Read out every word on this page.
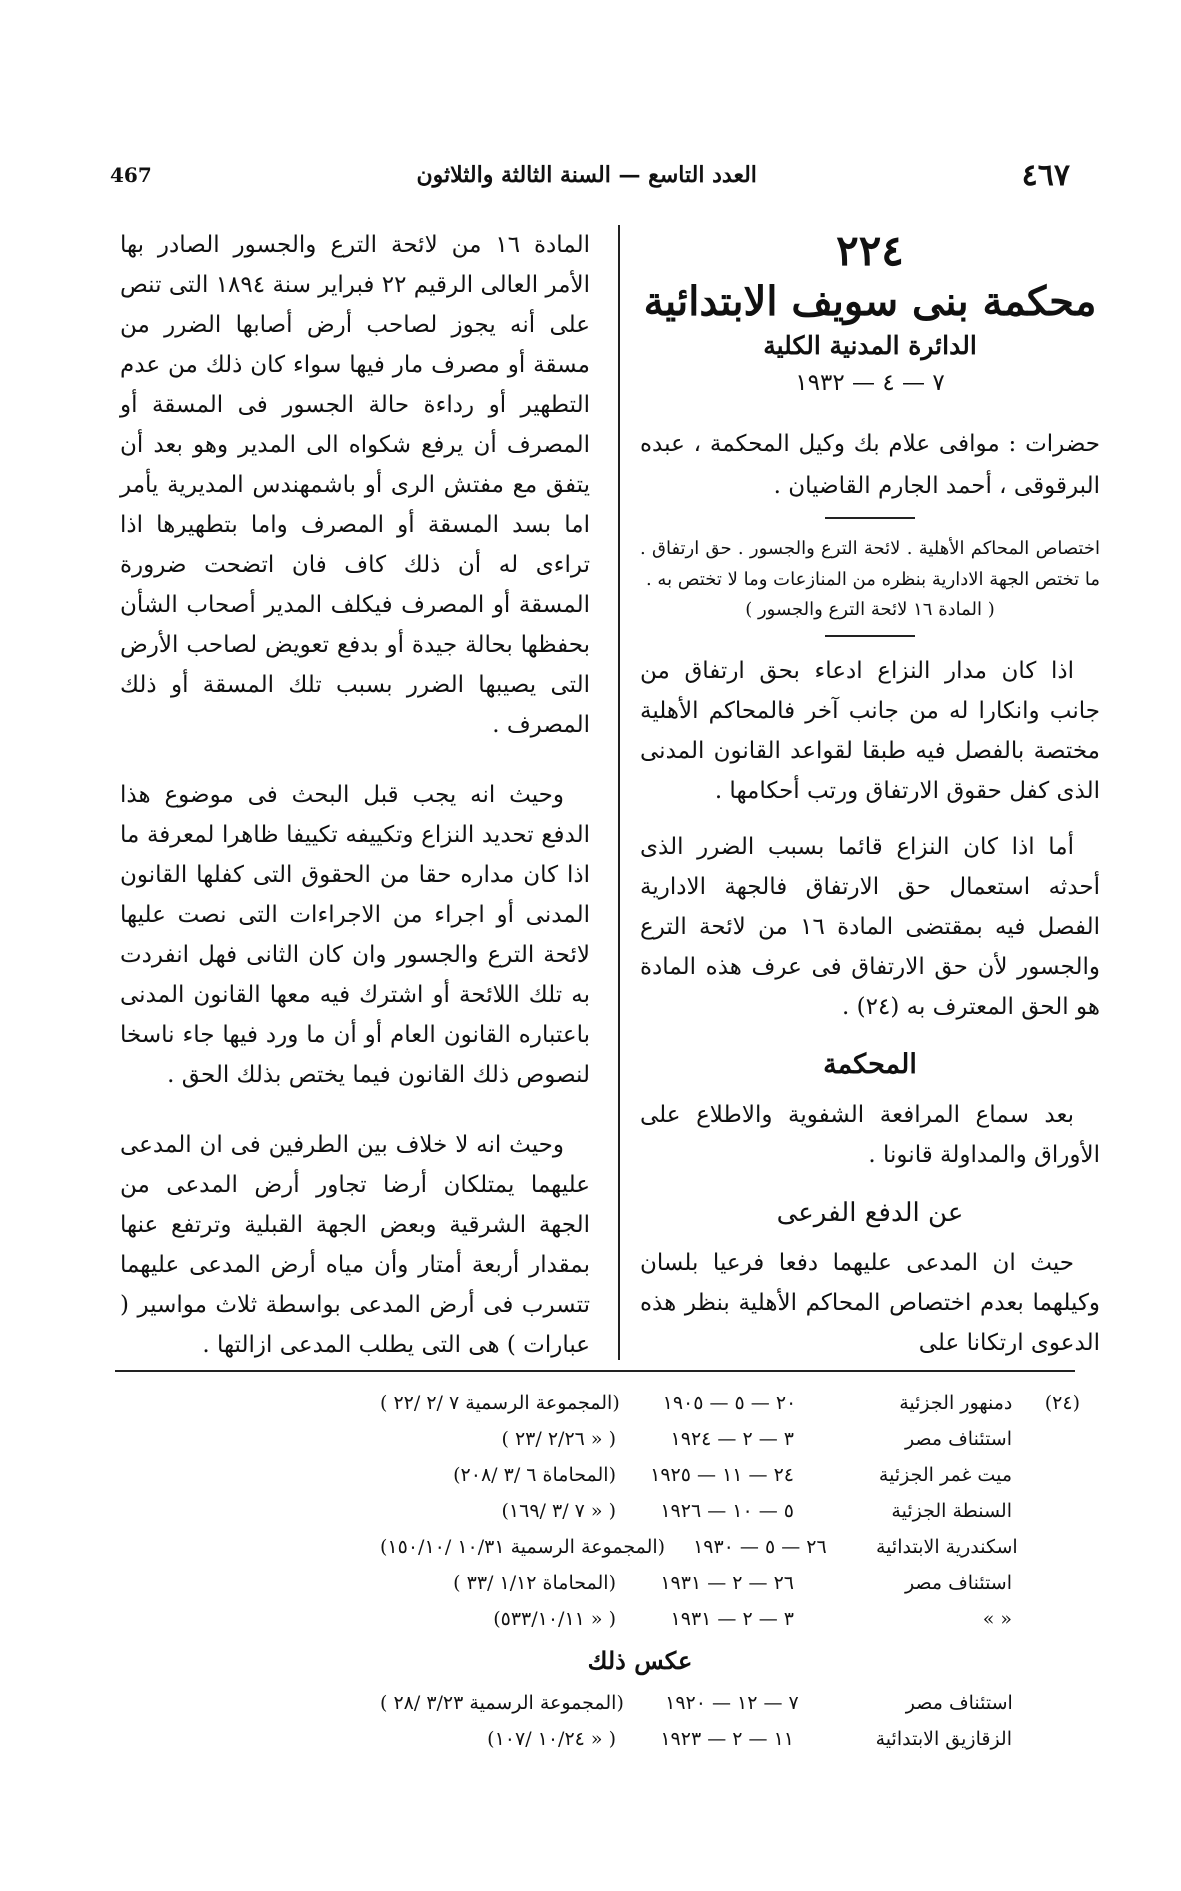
467	العدد التاسع — السنة الثالثة والثلاثون	٤٦٧

٢٢٤

محكمة بنى سويف الابتدائية

الدائرة المدنية الكلية

٧ — ٤ — ١٩٣٢

حضرات : موافى علام بك وكيل المحكمة ، عبده البرقوقى ، أحمد الجارم القاضيان .

اختصاص المحاكم الأهلية . لائحة الترع والجسور . حق ارتفاق . ما تختص الجهة الادارية بنظره من المنازعات وما لا تختص به .

( المادة ١٦ لائحة الترع والجسور )

اذا كان مدار النزاع ادعاء بحق ارتفاق من جانب وانكارا له من جانب آخر فالمحاكم الأهلية مختصة بالفصل فيه طبقا لقواعد القانون المدنى الذى كفل حقوق الارتفاق ورتب أحكامها .

أما اذا كان النزاع قائما بسبب الضرر الذى أحدثه استعمال حق الارتفاق فالجهة الادارية الفصل فيه بمقتضى المادة ١٦ من لائحة الترع والجسور لأن حق الارتفاق فى عرف هذه المادة هو الحق المعترف به (٢٤) .

المحكمة

بعد سماع المرافعة الشفوية والاطلاع على الأوراق والمداولة قانونا .

عن الدفع الفرعى

حيث ان المدعى عليهما دفعا فرعيا بلسان وكيلهما بعدم اختصاص المحاكم الأهلية بنظر هذه الدعوى ارتكانا على

المادة ١٦ من لائحة الترع والجسور الصادر بها الأمر العالى الرقيم ٢٢ فبراير سنة ١٨٩٤ التى تنص على أنه يجوز لصاحب أرض أصابها الضرر من مسقة أو مصرف مار فيها سواء كان ذلك من عدم التطهير أو رداءة حالة الجسور فى المسقة أو المصرف أن يرفع شكواه الى المدير وهو بعد أن يتفق مع مفتش الرى أو باشمهندس المديرية يأمر اما بسد المسقة أو المصرف واما بتطهيرها اذا تراءى له أن ذلك كاف فان اتضحت ضرورة المسقة أو المصرف فيكلف المدير أصحاب الشأن بحفظها بحالة جيدة أو بدفع تعويض لصاحب الأرض التى يصيبها الضرر بسبب تلك المسقة أو ذلك المصرف .

وحيث انه يجب قبل البحث فى موضوع هذا الدفع تحديد النزاع وتكييفه تكييفا ظاهرا لمعرفة ما اذا كان مداره حقا من الحقوق التى كفلها القانون المدنى أو اجراء من الاجراءات التى نصت عليها لائحة الترع والجسور وان كان الثانى فهل انفردت به تلك اللائحة أو اشترك فيه معها القانون المدنى باعتباره القانون العام أو أن ما ورد فيها جاء ناسخا لنصوص ذلك القانون فيما يختص بذلك الحق .

وحيث انه لا خلاف بين الطرفين فى ان المدعى عليهما يمتلكان أرضا تجاور أرض المدعى من الجهة الشرقية وبعض الجهة القبلية وترتفع عنها بمقدار أربعة أمتار وأن مياه أرض المدعى عليهما تتسرب فى أرض المدعى بواسطة ثلاث مواسير ( عبارات ) هى التى يطلب المدعى ازالتها .

(٢٤)
دمنهور الجزئية
٢٠ — ٥ — ١٩٠٥
(المجموعة الرسمية ٧ /٢ /٢٢ )
استئناف مصر
٣ — ٢ — ١٩٢٤
( « ٢/٢٦ /٢٣ )
ميت غمر الجزئية
٢٤ — ١١ — ١٩٢٥
(المحاماة ٦ /٣ /٢٠٨)
السنطة الجزئية
٥ — ١٠ — ١٩٢٦
( « ٧ /٣ /١٦٩)
اسكندرية الابتدائية
٢٦ — ٥ — ١٩٣٠
(المجموعة الرسمية ١٠/٣١ /١٥٠/١٠)
استئناف مصر
٢٦ — ٢ — ١٩٣١
(المحاماة ١/١٢ /٣٣ )
« »
٣ — ٢ — ١٩٣١
( « ٥٣٣/١٠/١١)
عكس ذلك
استئناف مصر
٧ — ١٢ — ١٩٢٠
(المجموعة الرسمية ٣/٢٣ /٢٨ )
الزقازيق الابتدائية
١١ — ٢ — ١٩٢٣
( « ١٠/٢٤ /١٠٧)
